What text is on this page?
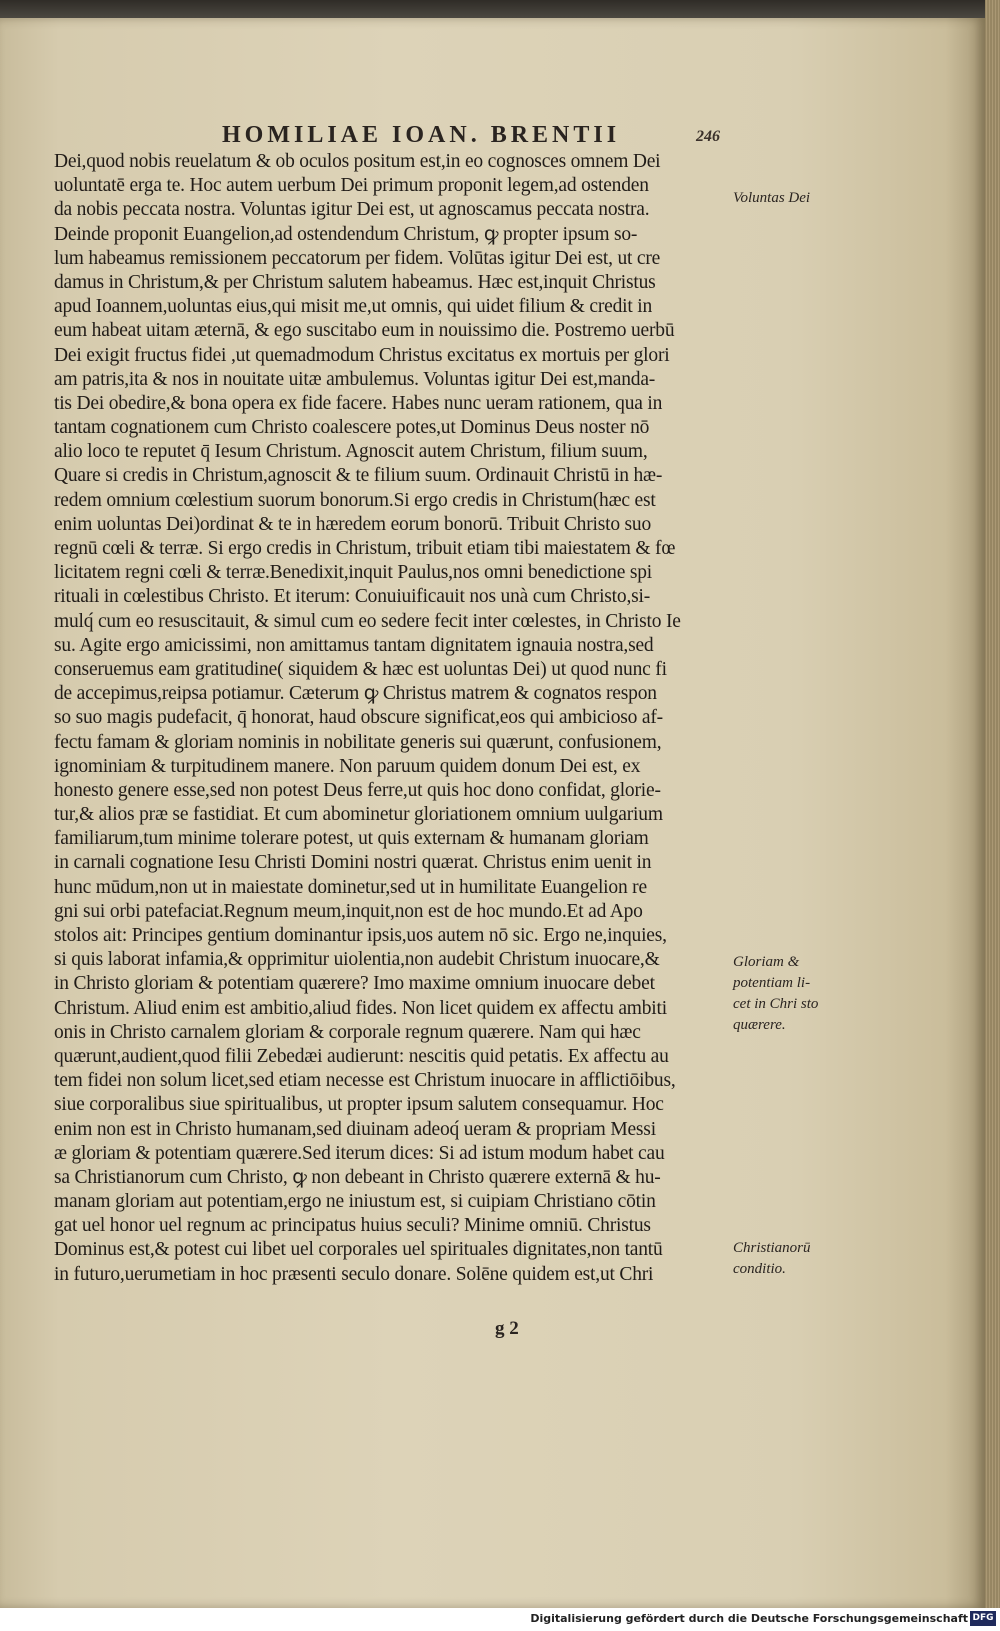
HOMILIAE IOAN. BRENTII	246
Dei,quod nobis reuelatum & ob oculos positum est,in eo cognosces omnem Dei
uoluntatē erga te. Hoc autem uerbum Dei primum proponit legem,ad ostenden
da nobis peccata nostra. Voluntas igitur Dei est, ut agnoscamus peccata nostra.
Deinde proponit Euangelion,ad ostendendum Christum, ꝙ propter ipsum so-
lum habeamus remissionem peccatorum per fidem. Volūtas igitur Dei est, ut cre
damus in Christum,& per Christum salutem habeamus. Hæc est,inquit Christus
apud Ioannem,uoluntas eius,qui misit me,ut omnis, qui uidet filium & credit in
eum habeat uitam æternā, & ego suscitabo eum in nouissimo die. Postremo uerbū
Dei exigit fructus fidei ,ut quemadmodum Christus excitatus ex mortuis per glori
am patris,ita & nos in nouitate uitæ ambulemus. Voluntas igitur Dei est,manda-
tis Dei obedire,& bona opera ex fide facere. Habes nunc ueram rationem, qua in
tantam cognationem cum Christo coalescere potes,ut Dominus Deus noster nō
alio loco te reputet q̄ Iesum Christum. Agnoscit autem Christum, filium suum,
Quare si credis in Christum,agnoscit & te filium suum. Ordinauit Christū in hæ-
redem omnium cœlestium suorum bonorum.Si ergo credis in Christum(hæc est
enim uoluntas Dei)ordinat & te in hæredem eorum bonorū. Tribuit Christo suo
regnū cœli & terræ. Si ergo credis in Christum, tribuit etiam tibi maiestatem & fœ
licitatem regni cœli & terræ.Benedixit,inquit Paulus,nos omni benedictione spi
rituali in cœlestibus Christo. Et iterum: Conuiuificauit nos unà cum Christo,si-
mulq́ cum eo resuscitauit, & simul cum eo sedere fecit inter cœlestes, in Christo Ie
su. Agite ergo amicissimi, non amittamus tantam dignitatem ignauia nostra,sed
conseruemus eam gratitudine( siquidem & hæc est uoluntas Dei) ut quod nunc fi
de accepimus,reipsa potiamur. Cæterum ꝙ Christus matrem & cognatos respon
so suo magis pudefacit, q̄ honorat, haud obscure significat,eos qui ambicioso af-
fectu famam & gloriam nominis in nobilitate generis sui quærunt, confusionem,
ignominiam & turpitudinem manere. Non paruum quidem donum Dei est, ex
honesto genere esse,sed non potest Deus ferre,ut quis hoc dono confidat, glorie-
tur,& alios præ se fastidiat. Et cum abominetur gloriationem omnium uulgarium
familiarum,tum minime tolerare potest, ut quis externam & humanam gloriam
in carnali cognatione Iesu Christi Domini nostri quærat. Christus enim uenit in
hunc mūdum,non ut in maiestate dominetur,sed ut in humilitate Euangelion re
gni sui orbi patefaciat.Regnum meum,inquit,non est de hoc mundo.Et ad Apo
stolos ait: Principes gentium dominantur ipsis,uos autem nō sic. Ergo ne,inquies,
si quis laborat infamia,& opprimitur uiolentia,non audebit Christum inuocare,&
in Christo gloriam & potentiam quærere? Imo maxime omnium inuocare debet
Christum. Aliud enim est ambitio,aliud fides. Non licet quidem ex affectu ambiti
onis in Christo carnalem gloriam & corporale regnum quærere. Nam qui hæc
quærunt,audient,quod filii Zebedæi audierunt: nescitis quid petatis. Ex affectu au
tem fidei non solum licet,sed etiam necesse est Christum inuocare in afflictiōibus,
siue corporalibus siue spiritualibus, ut propter ipsum salutem consequamur. Hoc
enim non est in Christo humanam,sed diuinam adeoq́ ueram & propriam Messi
æ gloriam & potentiam quærere.Sed iterum dices: Si ad istum modum habet cau
sa Christianorum cum Christo, ꝙ non debeant in Christo quærere externā & hu-
manam gloriam aut potentiam,ergo ne iniustum est, si cuipiam Christiano cōtin
gat uel honor uel regnum ac principatus huius seculi? Minime omniū. Christus
Dominus est,& potest cui libet uel corporales uel spirituales dignitates,non tantū
in futuro,uerumetiam in hoc præsenti seculo donare. Solēne quidem est,ut Chri
Voluntas Dei
Gloriam & potentiam li-cet in Chri sto quærere.
Christianorū conditio.
g 2
Digitalisierung gefördert durch die Deutsche Forschungsgemeinschaft DFG
